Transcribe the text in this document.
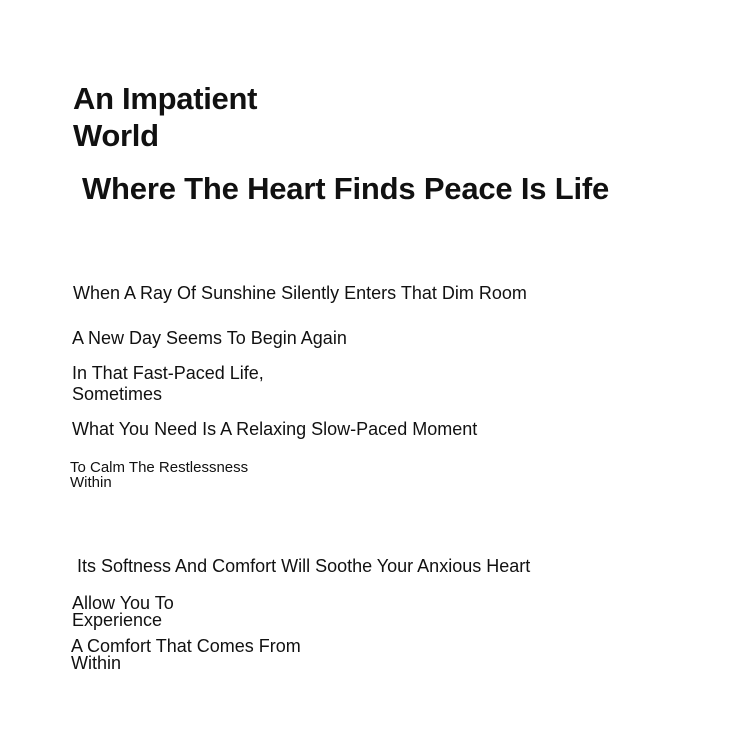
An Impatient
World
Where The Heart Finds Peace Is Life

When A Ray Of Sunshine Silently Enters That Dim Room

A New Day Seems To Begin Again

In That Fast-Paced Life,
Sometimes

What You Need Is A Relaxing Slow-Paced Moment

To Calm The Restlessness
Within

Its Softness And Comfort Will Soothe Your Anxious Heart

Allow You To
Experience

A Comfort That Comes From
Within
